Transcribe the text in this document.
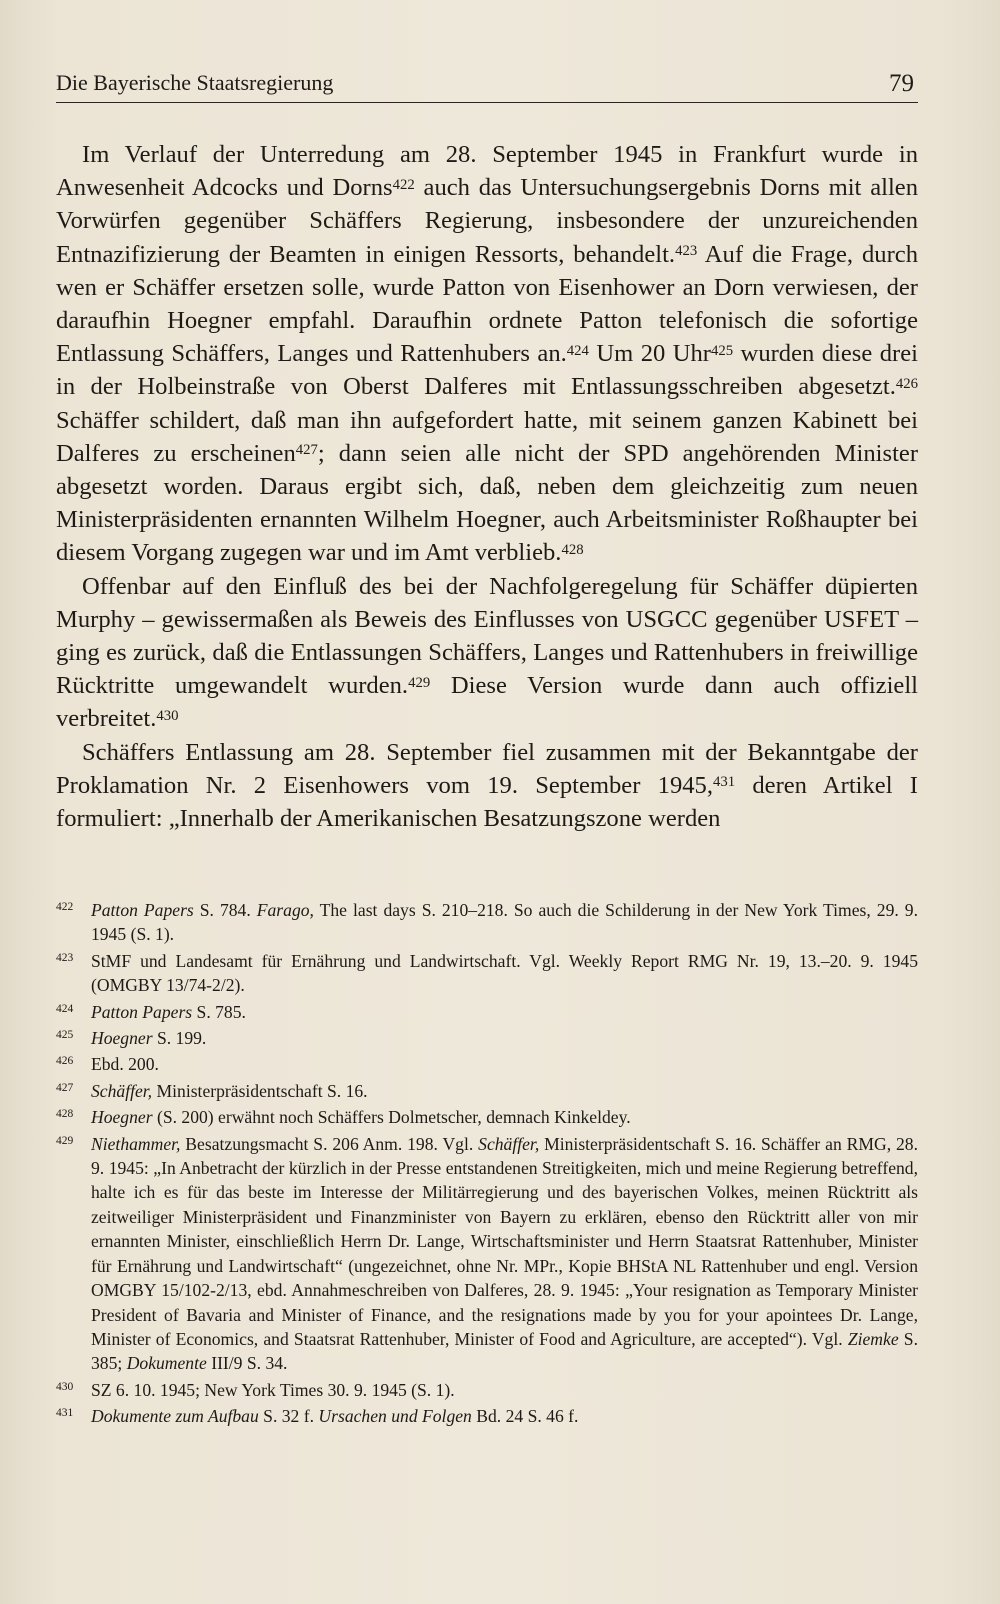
Die Bayerische Staatsregierung	79

Im Verlauf der Unterredung am 28. September 1945 in Frankfurt wurde in Anwesenheit Adcocks und Dorns$^{422}$ auch das Untersuchungsergebnis Dorns mit allen Vorwürfen gegenüber Schäffers Regierung, insbesondere der unzureichenden Entnazifizierung der Beamten in einigen Ressorts, behandelt.$^{423}$ Auf die Frage, durch wen er Schäffer ersetzen solle, wurde Patton von Eisenhower an Dorn verwiesen, der daraufhin Hoegner empfahl. Daraufhin ordnete Patton telefonisch die sofortige Entlassung Schäffers, Langes und Rattenhubers an.$^{424}$ Um 20 Uhr$^{425}$ wurden diese drei in der Holbeinstraße von Oberst Dalferes mit Entlassungsschreiben abgesetzt.$^{426}$ Schäffer schildert, daß man ihn aufgefordert hatte, mit seinem ganzen Kabinett bei Dalferes zu erscheinen$^{427}$; dann seien alle nicht der SPD angehörenden Minister abgesetzt worden. Daraus ergibt sich, daß, neben dem gleichzeitig zum neuen Ministerpräsidenten ernannten Wilhelm Hoegner, auch Arbeitsminister Roßhaupter bei diesem Vorgang zugegen war und im Amt verblieb.$^{428}$

Offenbar auf den Einfluß des bei der Nachfolgeregelung für Schäffer düpierten Murphy – gewissermaßen als Beweis des Einflusses von USGCC gegenüber USFET – ging es zurück, daß die Entlassungen Schäffers, Langes und Rattenhubers in freiwillige Rücktritte umgewandelt wurden.$^{429}$ Diese Version wurde dann auch offiziell verbreitet.$^{430}$

Schäffers Entlassung am 28. September fiel zusammen mit der Bekanntgabe der Proklamation Nr. 2 Eisenhowers vom 19. September 1945,$^{431}$ deren Artikel I formuliert: „Innerhalb der Amerikanischen Besatzungszone werden

422 Patton Papers S. 784. Farago, The last days S. 210–218. So auch die Schilderung in der New York Times, 29. 9. 1945 (S. 1).
423 StMF und Landesamt für Ernährung und Landwirtschaft. Vgl. Weekly Report RMG Nr. 19, 13.–20. 9. 1945 (OMGBY 13/74-2/2).
424 Patton Papers S. 785.
425 Hoegner S. 199.
426 Ebd. 200.
427 Schäffer, Ministerpräsidentschaft S. 16.
428 Hoegner (S. 200) erwähnt noch Schäffers Dolmetscher, demnach Kinkeldey.
429 Niethammer, Besatzungsmacht S. 206 Anm. 198. Vgl. Schäffer, Ministerpräsidentschaft S. 16. Schäffer an RMG, 28. 9. 1945: „In Anbetracht der kürzlich in der Presse entstandenen Streitigkeiten, mich und meine Regierung betreffend, halte ich es für das beste im Interesse der Militärregierung und des bayerischen Volkes, meinen Rücktritt als zeitweiliger Ministerpräsident und Finanzminister von Bayern zu erklären, ebenso den Rücktritt aller von mir ernannten Minister, einschließlich Herrn Dr. Lange, Wirtschaftsminister und Herrn Staatsrat Rattenhuber, Minister für Ernährung und Landwirtschaft“ (ungezeichnet, ohne Nr. MPr., Kopie BHStA NL Rattenhuber und engl. Version OMGBY 15/102-2/13, ebd. Annahmeschreiben von Dalferes, 28. 9. 1945: „Your resignation as Temporary Minister President of Bavaria and Minister of Finance, and the resignations made by you for your apointees Dr. Lange, Minister of Economics, and Staatsrat Rattenhuber, Minister of Food and Agriculture, are accepted“). Vgl. Ziemke S. 385; Dokumente III/9 S. 34.
430 SZ 6. 10. 1945; New York Times 30. 9. 1945 (S. 1).
431 Dokumente zum Aufbau S. 32 f. Ursachen und Folgen Bd. 24 S. 46 f.
